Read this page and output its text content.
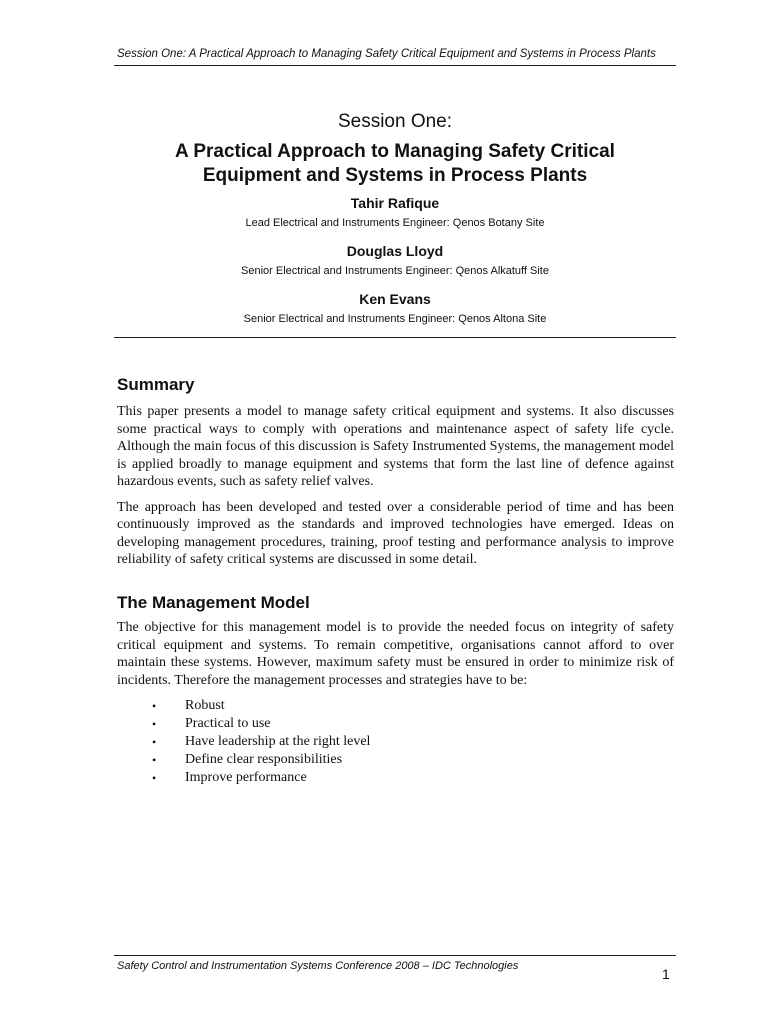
Session One: A Practical Approach to Managing Safety Critical Equipment and Systems in Process Plants
Session One:
A Practical Approach to Managing Safety Critical Equipment and Systems in Process Plants
Tahir Rafique
Lead Electrical and Instruments Engineer: Qenos Botany Site
Douglas Lloyd
Senior Electrical and Instruments Engineer: Qenos Alkatuff Site
Ken Evans
Senior Electrical and Instruments Engineer: Qenos Altona Site
Summary

This paper presents a model to manage safety critical equipment and systems. It also discusses some practical ways to comply with operations and maintenance aspect of safety life cycle. Although the main focus of this discussion is Safety Instrumented Systems, the management model is applied broadly to manage equipment and systems that form the last line of defence against hazardous events, such as safety relief valves.

The approach has been developed and tested over a considerable period of time and has been continuously improved as the standards and improved technologies have emerged. Ideas on developing management procedures, training, proof testing and performance analysis to improve reliability of safety critical systems are discussed in some detail.

The Management Model

The objective for this management model is to provide the needed focus on integrity of safety critical equipment and systems. To remain competitive, organisations cannot afford to over maintain these systems. However, maximum safety must be ensured in order to minimize risk of incidents. Therefore the management processes and strategies have to be:

• Robust
• Practical to use
• Have leadership at the right level
• Define clear responsibilities
• Improve performance
Safety Control and Instrumentation Systems Conference 2008 – IDC Technologies	1
